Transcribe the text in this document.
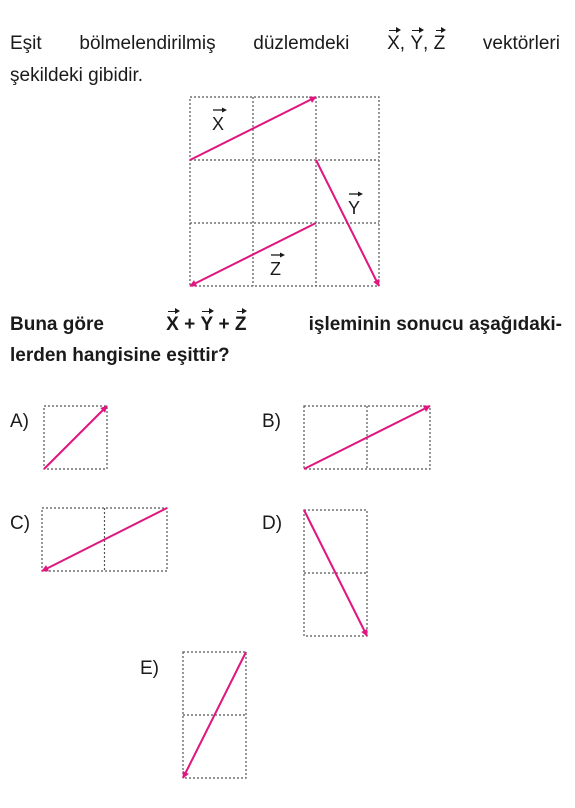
Eşit bölmelendirilmiş düzlemdeki X, Y, Z vektörleri
şekildeki gibidir.
Buna göre	X + Y + Z	işleminin sonucu aşağıdaki-
lerden hangisine eşittir?
X
Y
Z
A)	B)
C)	D)
E)
